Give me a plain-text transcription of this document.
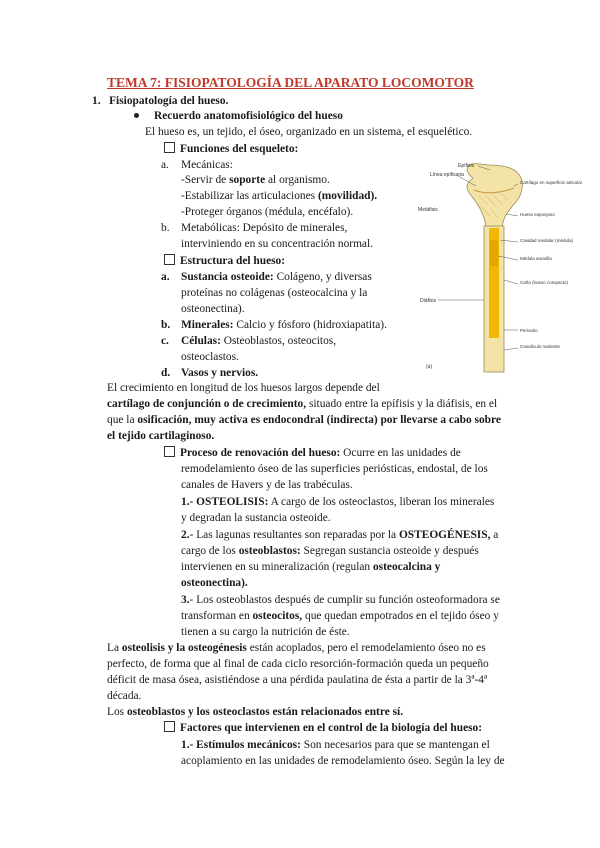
TEMA 7: FISIOPATOLOGÍA DEL APARATO LOCOMOTOR
1. Fisiopatología del hueso.
Recuerdo anatomofisiológico del hueso
El hueso es, un tejido, el óseo, organizado en un sistema, el esquelético.
Funciones del esqueleto:
a. Mecánicas:
-Servir de soporte al organismo.
-Estabilizar las articulaciones (movilidad).
-Proteger órganos (médula, encéfalo).
b. Metabólicas: Depósito de minerales,
interviniendo en su concentración normal.
Estructura del hueso:
a. Sustancia osteoide: Colágeno, y diversas
proteínas no colágenas (osteocalcina y la
osteonectina).
b. Minerales: Calcio y fósforo (hidroxiapatita).
c. Células: Osteoblastos, osteocitos,
osteoclastos.
d. Vasos y nervios.
El crecimiento en longitud de los huesos largos depende del
cartílago de conjunción o de crecimiento, situado entre la epífisis y la diáfisis, en el
que la osificación, muy activa es endocondral (indirecta) por llevarse a cabo sobre
el tejido cartilaginoso.
Proceso de renovación del hueso: Ocurre en las unidades de
remodelamiento óseo de las superficies periósticas, endostal, de los
canales de Havers y de las trabéculas.
1.- OSTEOLISIS: A cargo de los osteoclastos, liberan los minerales
y degradan la sustancia osteoide.
2.- Las lagunas resultantes son reparadas por la OSTEOGÉNESIS, a
cargo de los osteoblastos: Segregan sustancia osteoide y después
intervienen en su mineralización (regulan osteocalcina y
osteonectina).
3.- Los osteoblastos después de cumplir su función osteoformadora se
transforman en osteocitos, que quedan empotrados en el tejido óseo y
tienen a su cargo la nutrición de éste.
La osteolisis y la osteogénesis están acoplados, pero el remodelamiento óseo no es
perfecto, de forma que al final de cada ciclo resorción-formación queda un pequeño
déficit de masa ósea, asistiéndose a una pérdida paulatina de ésta a partir de la 3ª-4ª
década.
Los osteoblastos y los osteoclastos están relacionados entre sí.
Factores que intervienen en el control de la biología del hueso:
1.- Estímulos mecánicos: Son necesarios para que se mantengan el
acoplamiento en las unidades de remodelamiento óseo. Según la ley de
Epífisis
Línea epifisaria
Cartílago en superficie articular
Metáfisis
Hueso esponjoso
Cavidad medular (médula)
Médula amarilla
Diáfisis
Caña (hueso compacto)
Periostio
Canalículo nutriente
(a)
